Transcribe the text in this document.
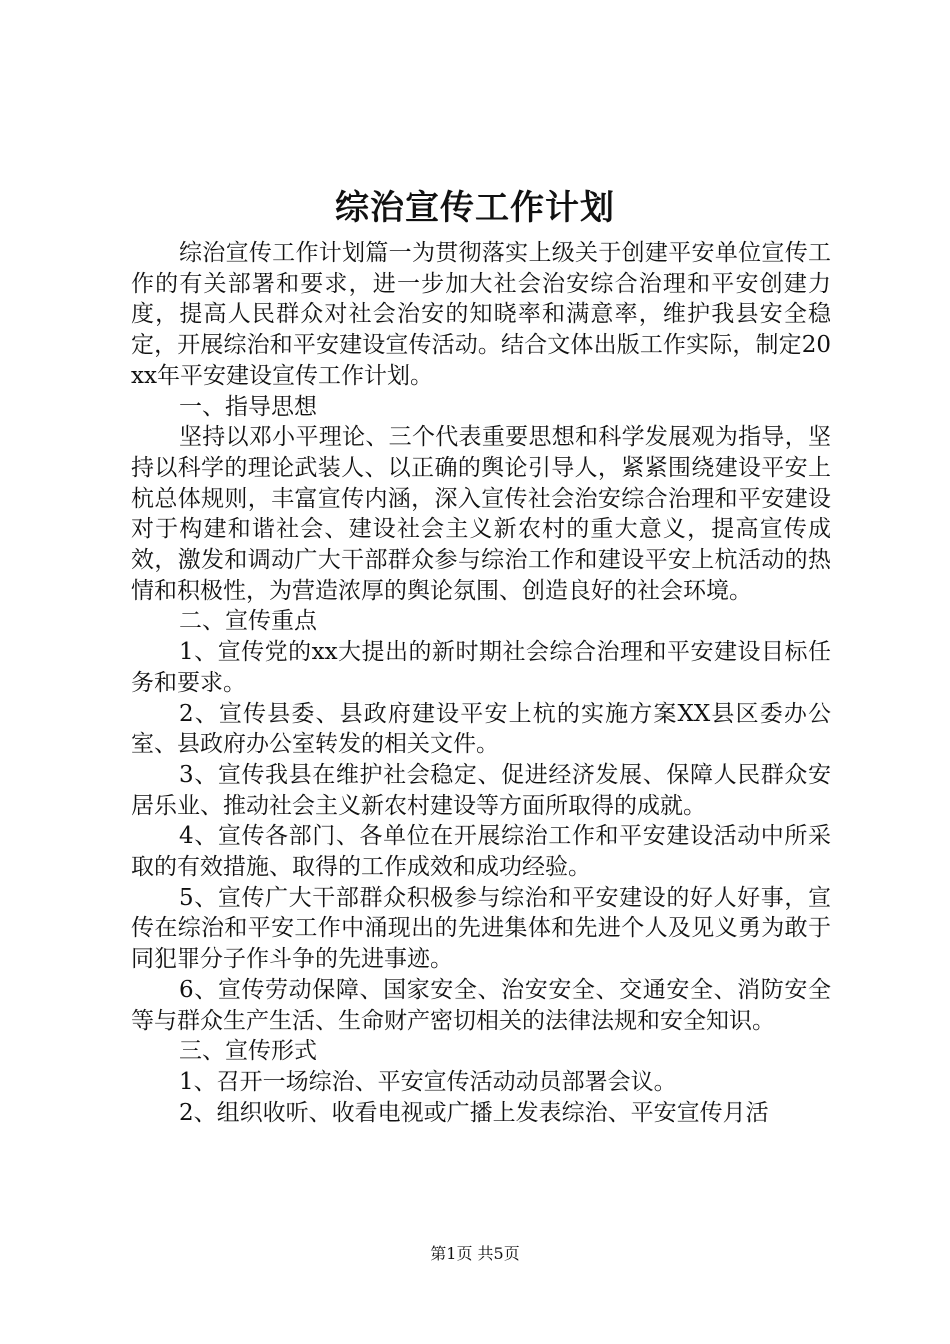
综治宣传工作计划

综治宣传工作计划篇一为贯彻落实上级关于创建平安单位宣传工作的有关部署和要求，进一步加大社会治安综合治理和平安创建力度，提高人民群众对社会治安的知晓率和满意率，维护我县安全稳定，开展综治和平安建设宣传活动。结合文体出版工作实际，制定20xx年平安建设宣传工作计划。

一、指导思想

坚持以邓小平理论、三个代表重要思想和科学发展观为指导，坚持以科学的理论武装人、以正确的舆论引导人，紧紧围绕建设平安上杭总体规则，丰富宣传内涵，深入宣传社会治安综合治理和平安建设对于构建和谐社会、建设社会主义新农村的重大意义，提高宣传成效，激发和调动广大干部群众参与综治工作和建设平安上杭活动的热情和积极性，为营造浓厚的舆论氛围、创造良好的社会环境。

二、宣传重点

1、宣传党的xx大提出的新时期社会综合治理和平安建设目标任务和要求。

2、宣传县委、县政府建设平安上杭的实施方案XX县区委办公室、县政府办公室转发的相关文件。

3、宣传我县在维护社会稳定、促进经济发展、保障人民群众安居乐业、推动社会主义新农村建设等方面所取得的成就。

4、宣传各部门、各单位在开展综治工作和平安建设活动中所采取的有效措施、取得的工作成效和成功经验。

5、宣传广大干部群众积极参与综治和平安建设的好人好事，宣传在综治和平安工作中涌现出的先进集体和先进个人及见义勇为敢于同犯罪分子作斗争的先进事迹。

6、宣传劳动保障、国家安全、治安安全、交通安全、消防安全等与群众生产生活、生命财产密切相关的法律法规和安全知识。

三、宣传形式

1、召开一场综治、平安宣传活动动员部署会议。

2、组织收听、收看电视或广播上发表综治、平安宣传月活

第1页 共5页
